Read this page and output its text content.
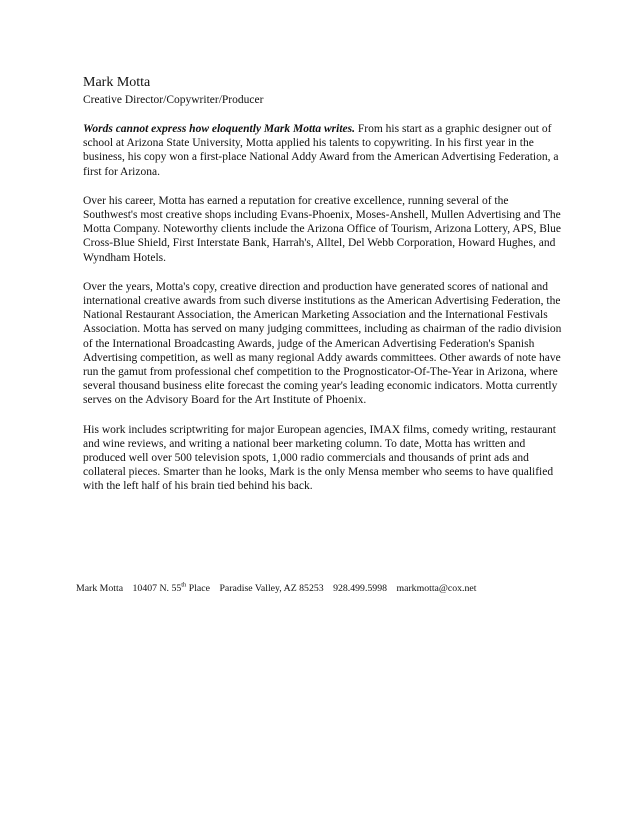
Mark Motta

Creative Director/Copywriter/Producer

Words cannot express how eloquently Mark Motta writes. From his start as a graphic designer out of school at Arizona State University, Motta applied his talents to copywriting. In his first year in the business, his copy won a first-place National Addy Award from the American Advertising Federation, a first for Arizona.

Over his career, Motta has earned a reputation for creative excellence, running several of the Southwest's most creative shops including Evans-Phoenix, Moses-Anshell, Mullen Advertising and The Motta Company. Noteworthy clients include the Arizona Office of Tourism, Arizona Lottery, APS, Blue Cross-Blue Shield, First Interstate Bank, Harrah's, Alltel, Del Webb Corporation, Howard Hughes, and Wyndham Hotels.

Over the years, Motta's copy, creative direction and production have generated scores of national and international creative awards from such diverse institutions as the American Advertising Federation, the National Restaurant Association, the American Marketing Association and the International Festivals Association. Motta has served on many judging committees, including as chairman of the radio division of the International Broadcasting Awards, judge of the American Advertising Federation's Spanish Advertising competition, as well as many regional Addy awards committees. Other awards of note have run the gamut from professional chef competition to the Prognosticator-Of-The-Year in Arizona, where several thousand business elite forecast the coming year's leading economic indicators. Motta currently serves on the Advisory Board for the Art Institute of Phoenix.

His work includes scriptwriting for major European agencies, IMAX films, comedy writing, restaurant and wine reviews, and writing a national beer marketing column. To date, Motta has written and produced well over 500 television spots, 1,000 radio commercials and thousands of print ads and collateral pieces. Smarter than he looks, Mark is the only Mensa member who seems to have qualified with the left half of his brain tied behind his back.

Mark Motta 10407 N. 55th Place Paradise Valley, AZ 85253 928.499.5998 markmotta@cox.net
